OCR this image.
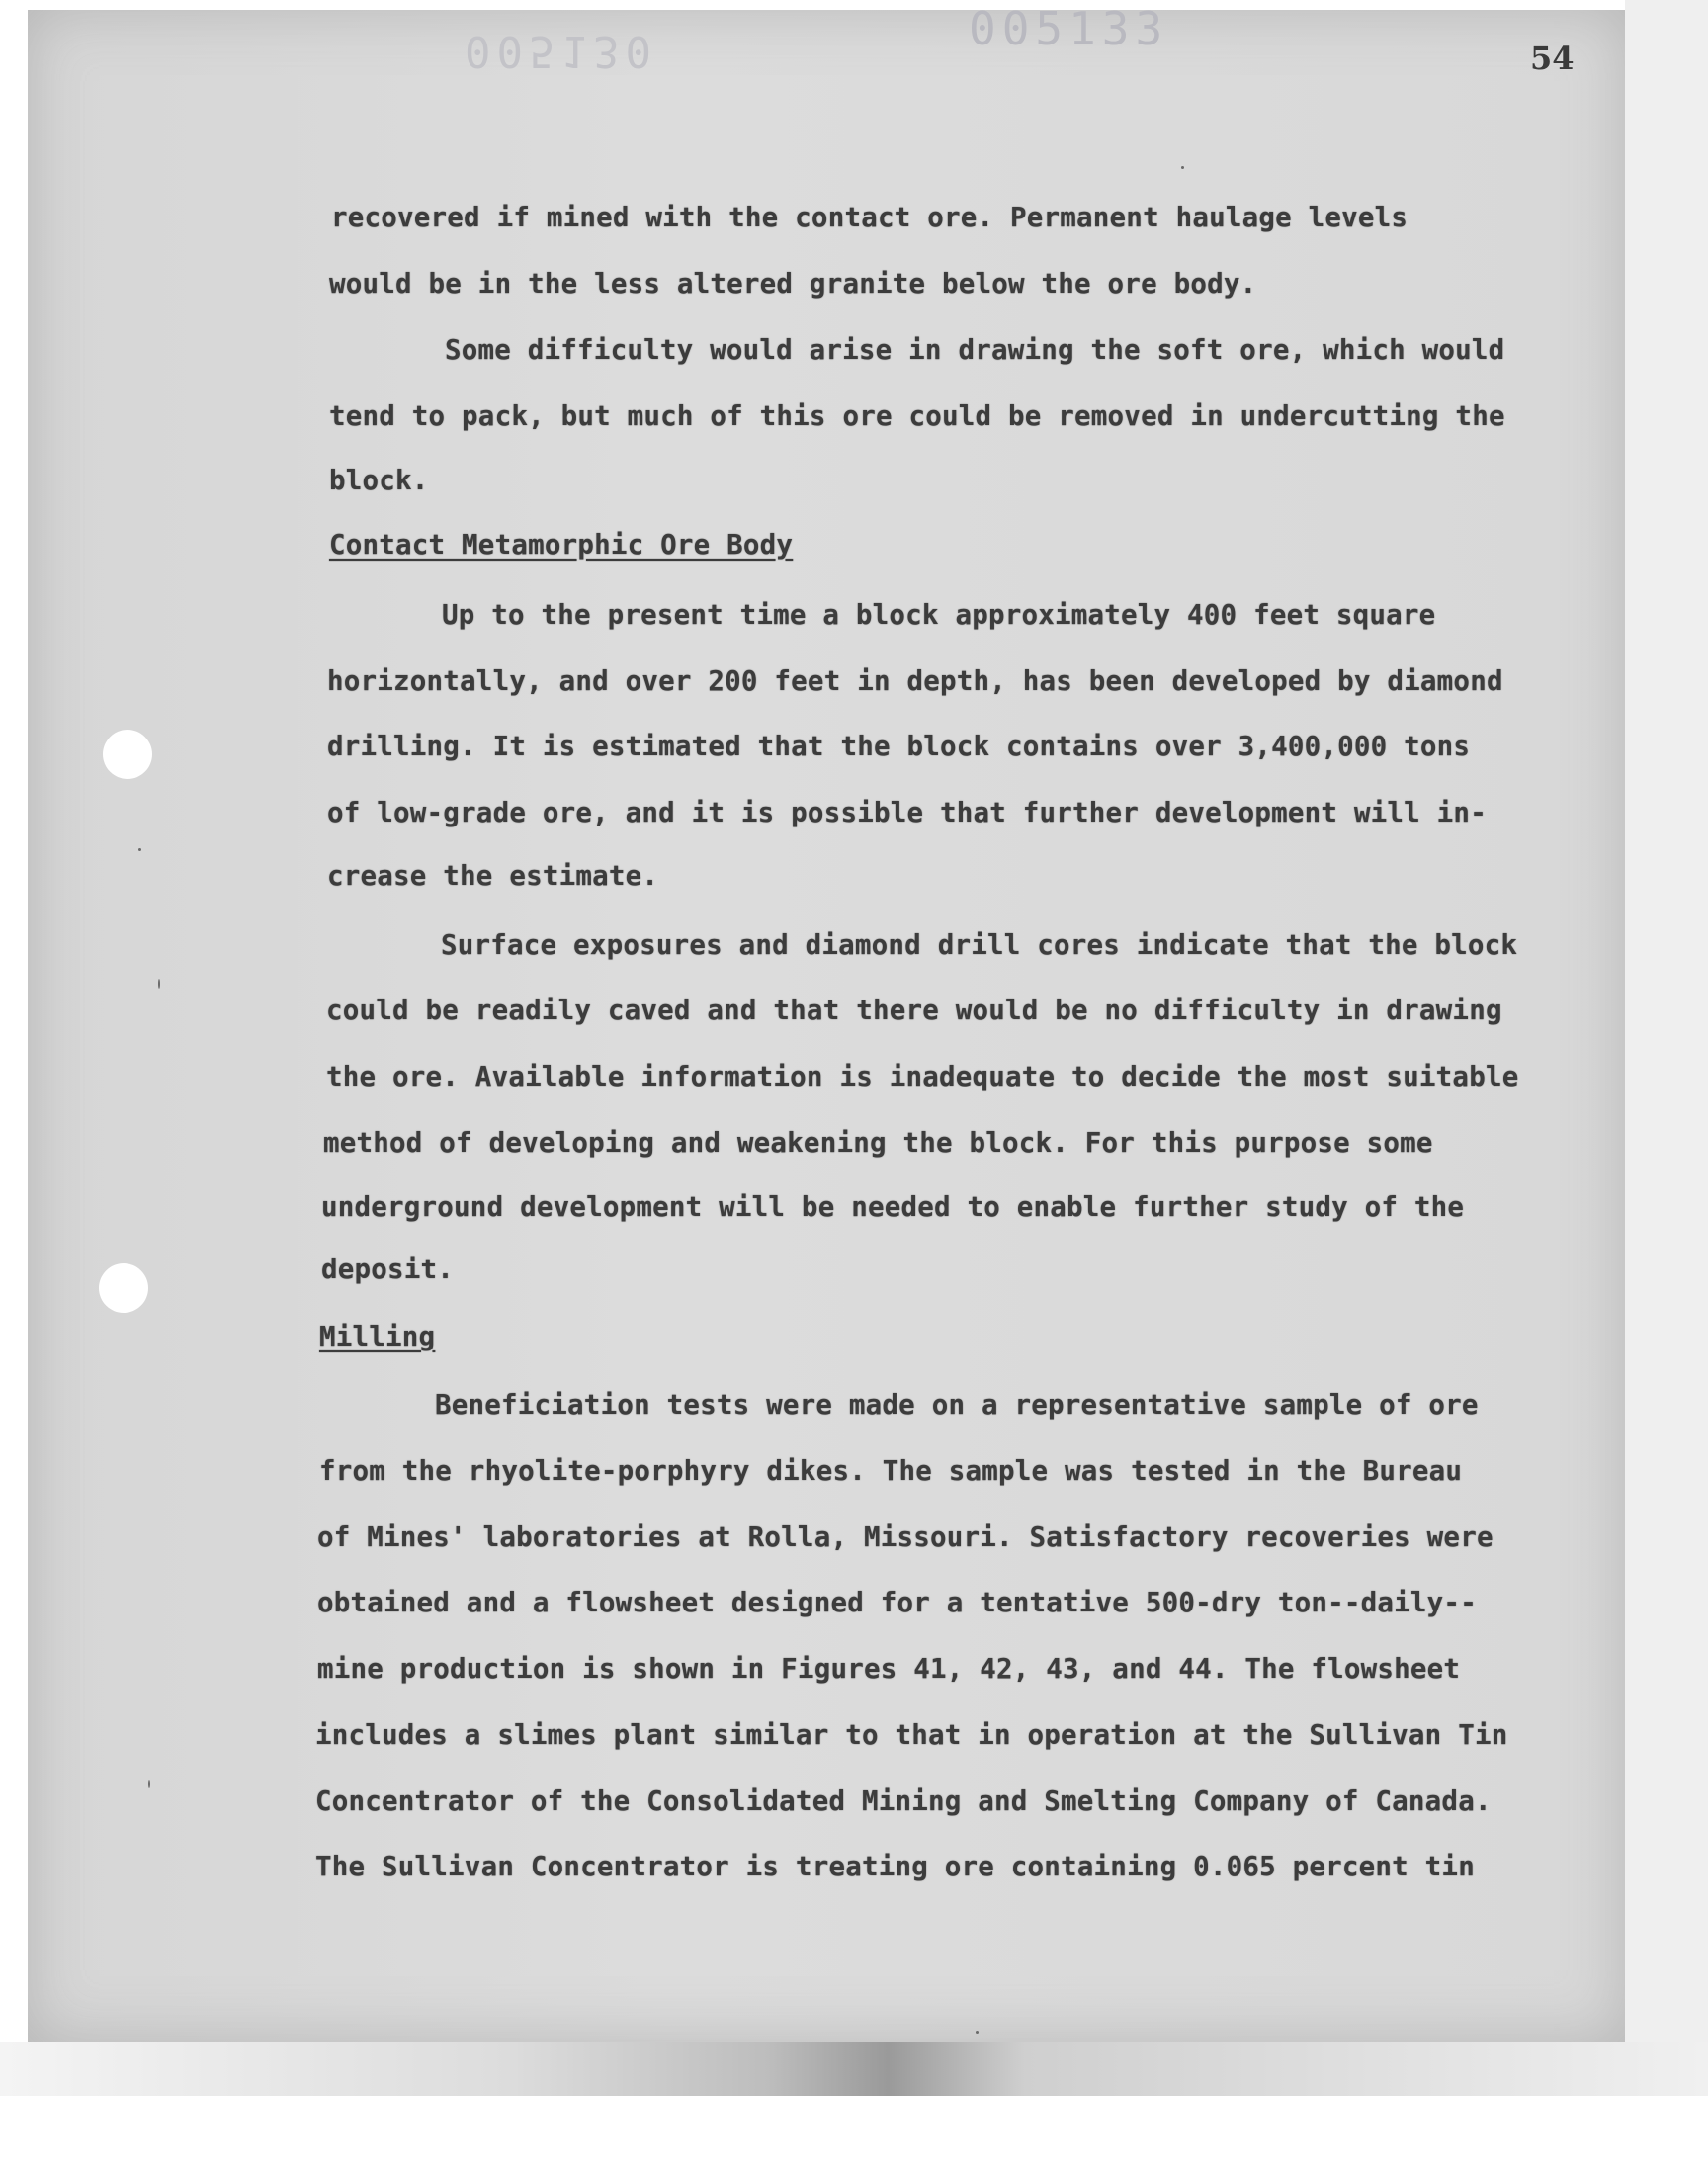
005133
005130	54
recovered if mined with the contact ore. Permanent haulage levels
would be in the less altered granite below the ore body.
Some difficulty would arise in drawing the soft ore, which would
tend to pack, but much of this ore could be removed in undercutting the
block.
Contact Metamorphic Ore Body
Up to the present time a block approximately 400 feet square
horizontally, and over 200 feet in depth, has been developed by diamond
drilling. It is estimated that the block contains over 3,400,000 tons
of low-grade ore, and it is possible that further development will in-
crease the estimate.
Surface exposures and diamond drill cores indicate that the block
could be readily caved and that there would be no difficulty in drawing
the ore. Available information is inadequate to decide the most suitable
method of developing and weakening the block. For this purpose some
underground development will be needed to enable further study of the
deposit.
Milling
Beneficiation tests were made on a representative sample of ore
from the rhyolite-porphyry dikes. The sample was tested in the Bureau
of Mines' laboratories at Rolla, Missouri. Satisfactory recoveries were
obtained and a flowsheet designed for a tentative 500-dry ton--daily--
mine production is shown in Figures 41, 42, 43, and 44. The flowsheet
includes a slimes plant similar to that in operation at the Sullivan Tin
Concentrator of the Consolidated Mining and Smelting Company of Canada.
The Sullivan Concentrator is treating ore containing 0.065 percent tin
